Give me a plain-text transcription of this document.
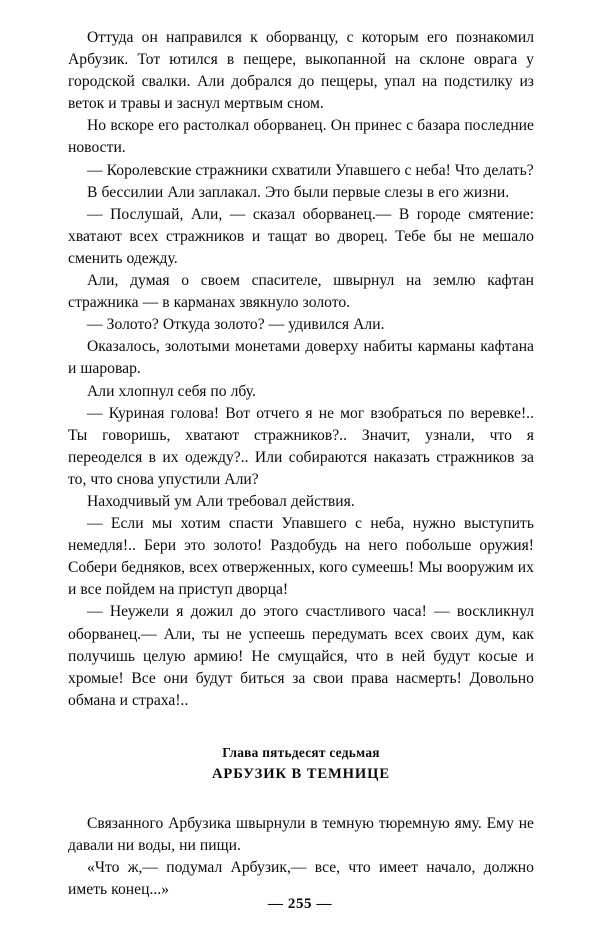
Оттуда он направился к оборванцу, с которым его познакомил Арбузик. Тот ютился в пещере, выкопанной на склоне оврага у городской свалки. Али добрался до пещеры, упал на подстилку из веток и травы и заснул мертвым сном.

Но вскоре его растолкал оборванец. Он принес с базара последние новости.

— Королевские стражники схватили Упавшего с неба! Что делать?

В бессилии Али заплакал. Это были первые слезы в его жизни.

— Послушай, Али, — сказал оборванец.— В городе смятение: хватают всех стражников и тащат во дворец. Тебе бы не мешало сменить одежду.

Али, думая о своем спасителе, швырнул на землю кафтан стражника — в карманах звякнуло золото.

— Золото? Откуда золото? — удивился Али.

Оказалось, золотыми монетами доверху набиты карманы кафтана и шаровар.

Али хлопнул себя по лбу.

— Куриная голова! Вот отчего я не мог взобраться по веревке!.. Ты говоришь, хватают стражников?.. Значит, узнали, что я переоделся в их одежду?.. Или собираются наказать стражников за то, что снова упустили Али?

Находчивый ум Али требовал действия.

— Если мы хотим спасти Упавшего с неба, нужно выступить немедля!.. Бери это золото! Раздобудь на него побольше оружия! Собери бедняков, всех отверженных, кого сумеешь! Мы вооружим их и все пойдем на приступ дворца!

— Неужели я дожил до этого счастливого часа! — воскликнул оборванец.— Али, ты не успеешь передумать всех своих дум, как получишь целую армию! Не смущайся, что в ней будут косые и хромые! Все они будут биться за свои права насмерть! Довольно обмана и страха!..

Глава пятьдесят седьмая

АРБУЗИК В ТЕМНИЦЕ

Связанного Арбузика швырнули в темную тюремную яму. Ему не давали ни воды, ни пищи.

«Что ж,— подумал Арбузик,— все, что имеет начало, должно иметь конец...»

— 255 —
